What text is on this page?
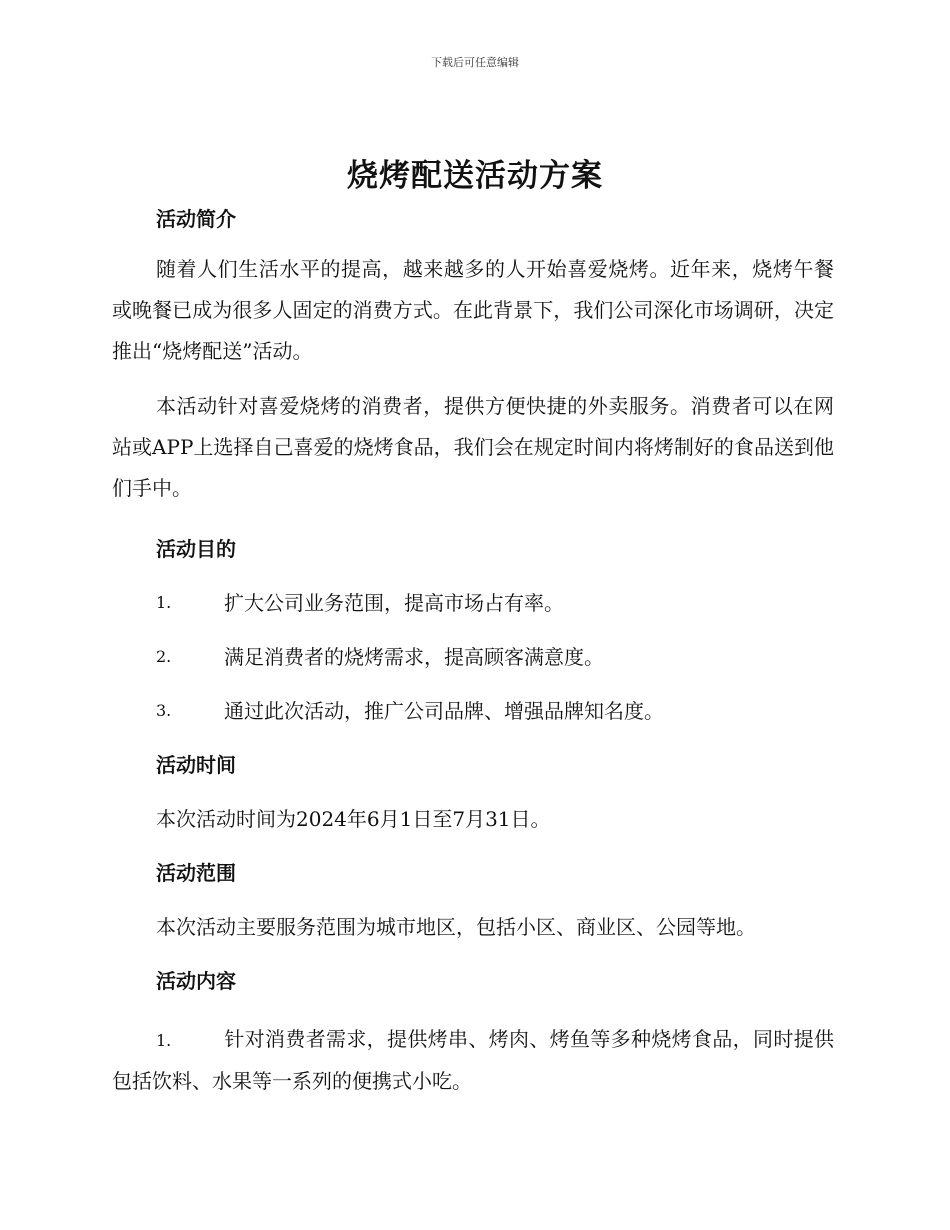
下载后可任意编辑
烧烤配送活动方案
活动简介
随着人们生活水平的提高，越来越多的人开始喜爱烧烤。近年来，烧烤午餐或晚餐已成为很多人固定的消费方式。在此背景下，我们公司深化市场调研，决定推出“烧烤配送”活动。
本活动针对喜爱烧烤的消费者，提供方便快捷的外卖服务。消费者可以在网站或APP上选择自己喜爱的烧烤食品，我们会在规定时间内将烤制好的食品送到他们手中。
活动目的
1.	扩大公司业务范围，提高市场占有率。
2.	满足消费者的烧烤需求，提高顾客满意度。
3.	通过此次活动，推广公司品牌、增强品牌知名度。
活动时间
本次活动时间为2024年6月1日至7月31日。
活动范围
本次活动主要服务范围为城市地区，包括小区、商业区、公园等地。
活动内容
1.	针对消费者需求，提供烤串、烤肉、烤鱼等多种烧烤食品，同时提供包括饮料、水果等一系列的便携式小吃。
